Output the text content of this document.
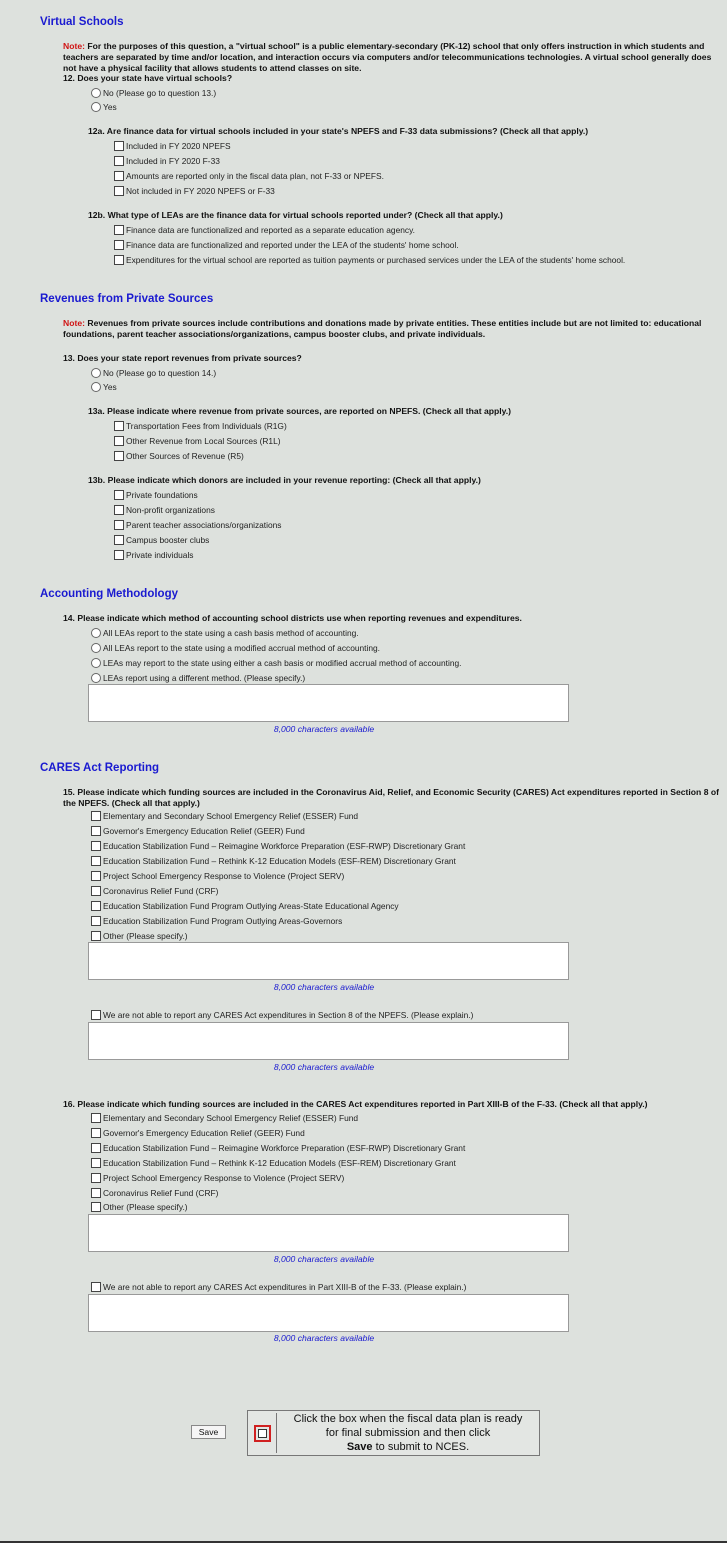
Virtual Schools
Note: For the purposes of this question, a "virtual school" is a public elementary-secondary (PK-12) school that only offers instruction in which students and teachers are separated by time and/or location, and interaction occurs via computers and/or telecommunications technologies. A virtual school generally does not have a physical facility that allows students to attend classes on site.
12. Does your state have virtual schools?
No (Please go to question 13.)
Yes
12a. Are finance data for virtual schools included in your state's NPEFS and F-33 data submissions? (Check all that apply.)
Included in FY 2020 NPEFS
Included in FY 2020 F-33
Amounts are reported only in the fiscal data plan, not F-33 or NPEFS.
Not included in FY 2020 NPEFS or F-33
12b. What type of LEAs are the finance data for virtual schools reported under? (Check all that apply.)
Finance data are functionalized and reported as a separate education agency.
Finance data are functionalized and reported under the LEA of the students' home school.
Expenditures for the virtual school are reported as tuition payments or purchased services under the LEA of the students' home school.
Revenues from Private Sources
Note: Revenues from private sources include contributions and donations made by private entities. These entities include but are not limited to: educational foundations, parent teacher associations/organizations, campus booster clubs, and private individuals.
13. Does your state report revenues from private sources?
No (Please go to question 14.)
Yes
13a. Please indicate where revenue from private sources, are reported on NPEFS. (Check all that apply.)
Transportation Fees from Individuals (R1G)
Other Revenue from Local Sources (R1L)
Other Sources of Revenue (R5)
13b. Please indicate which donors are included in your revenue reporting: (Check all that apply.)
Private foundations
Non-profit organizations
Parent teacher associations/organizations
Campus booster clubs
Private individuals
Accounting Methodology
14. Please indicate which method of accounting school districts use when reporting revenues and expenditures.
All LEAs report to the state using a cash basis method of accounting.
All LEAs report to the state using a modified accrual method of accounting.
LEAs may report to the state using either a cash basis or modified accrual method of accounting.
LEAs report using a different method. (Please specify.)
8,000 characters available
CARES Act Reporting
15. Please indicate which funding sources are included in the Coronavirus Aid, Relief, and Economic Security (CARES) Act expenditures reported in Section 8 of the NPEFS. (Check all that apply.)
Elementary and Secondary School Emergency Relief (ESSER) Fund
Governor's Emergency Education Relief (GEER) Fund
Education Stabilization Fund – Reimagine Workforce Preparation (ESF-RWP) Discretionary Grant
Education Stabilization Fund – Rethink K-12 Education Models (ESF-REM) Discretionary Grant
Project School Emergency Response to Violence (Project SERV)
Coronavirus Relief Fund (CRF)
Education Stabilization Fund Program Outlying Areas-State Educational Agency
Education Stabilization Fund Program Outlying Areas-Governors
Other (Please specify.)
8,000 characters available
We are not able to report any CARES Act expenditures in Section 8 of the NPEFS. (Please explain.)
8,000 characters available
16. Please indicate which funding sources are included in the CARES Act expenditures reported in Part XIII-B of the F-33. (Check all that apply.)
Elementary and Secondary School Emergency Relief (ESSER) Fund
Governor's Emergency Education Relief (GEER) Fund
Education Stabilization Fund – Reimagine Workforce Preparation (ESF-RWP) Discretionary Grant
Education Stabilization Fund – Rethink K-12 Education Models (ESF-REM) Discretionary Grant
Project School Emergency Response to Violence (Project SERV)
Coronavirus Relief Fund (CRF)
Other (Please specify.)
8,000 characters available
We are not able to report any CARES Act expenditures in Part XIII-B of the F-33. (Please explain.)
8,000 characters available
Save
Click the box when the fiscal data plan is ready
for final submission and then click
Save to submit to NCES.
